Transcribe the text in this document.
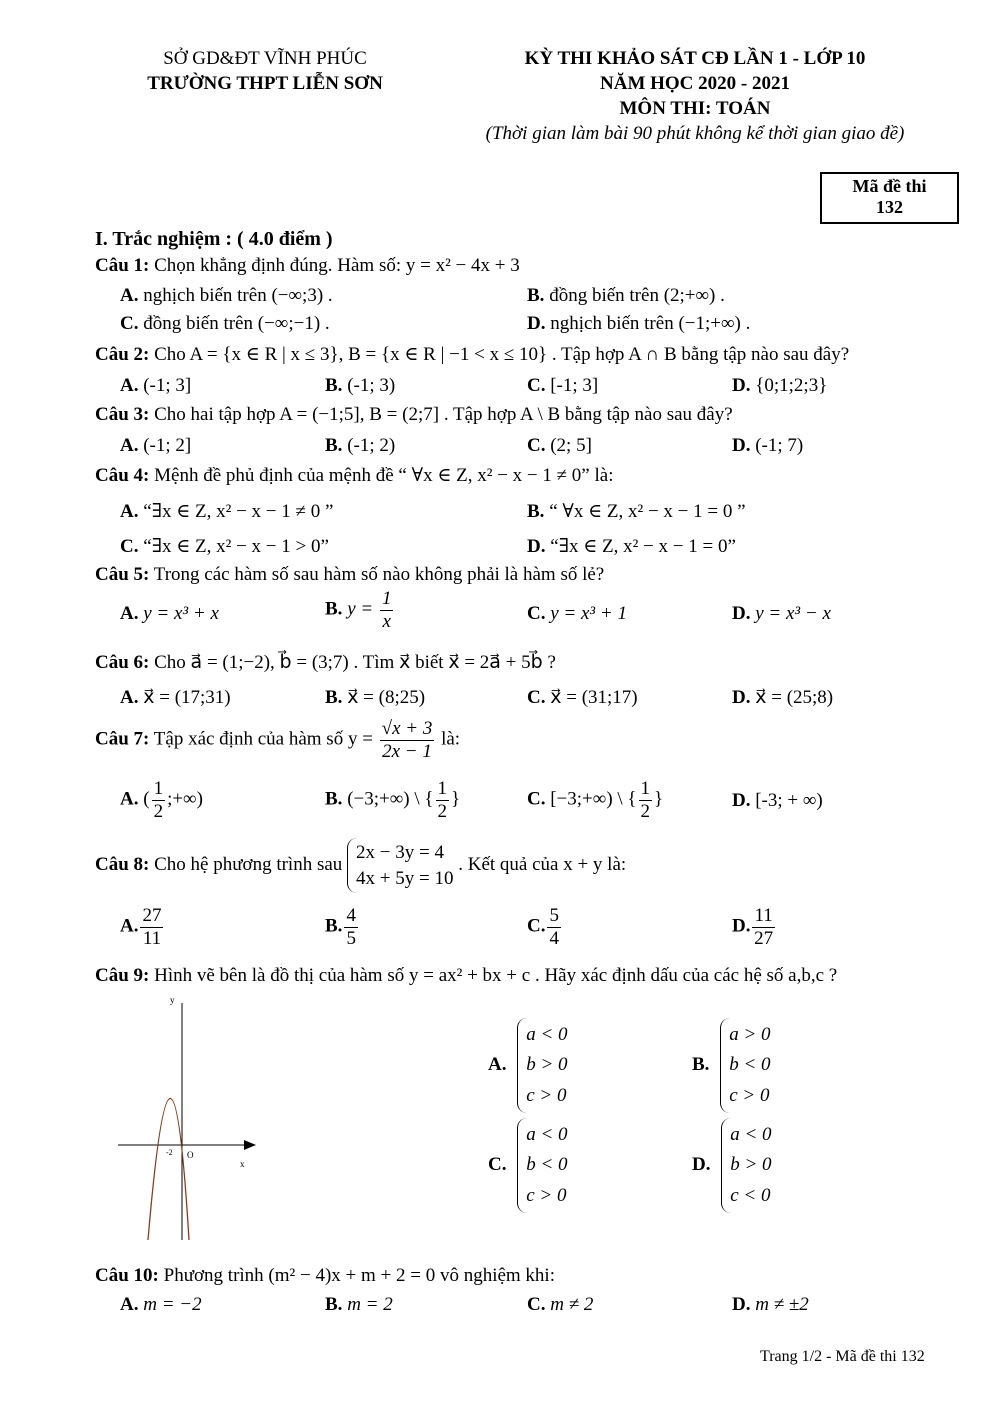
SỞ GD&ĐT VĨNH PHÚC
TRƯỜNG THPT LIỄN SƠN
KỲ THI KHẢO SÁT CĐ LẦN 1 - LỚP 10
NĂM HỌC 2020 - 2021
MÔN THI: TOÁN
(Thời gian làm bài 90 phút không kể thời gian giao đề)
Mã đề thi
132
I. Trắc nghiệm : ( 4.0 điểm )
Câu 1: Chọn khẳng định đúng. Hàm số: y = x² − 4x + 3
A. nghịch biến trên (−∞;3) .	B. đồng biến trên (2;+∞) .
C. đồng biến trên (−∞;−1) .	D. nghịch biến trên (−1;+∞) .
Câu 2: Cho A = {x ∈ R | x ≤ 3}, B = {x ∈ R | −1 < x ≤ 10} . Tập hợp A ∩ B bằng tập nào sau đây?
A. (-1; 3]	B. (-1; 3)	C. [-1; 3]	D. {0;1;2;3}
Câu 3: Cho hai tập hợp A = (−1;5], B = (2;7] . Tập hợp A \ B bằng tập nào sau đây?
A. (-1; 2]	B. (-1; 2)	C. (2; 5]	D. (-1; 7)
Câu 4: Mệnh đề phủ định của mệnh đề “ ∀x ∈ Z, x² − x − 1 ≠ 0” là:
A. “∃x ∈ Z, x² − x − 1 ≠ 0 ”	B. “ ∀x ∈ Z, x² − x − 1 = 0 ”
C. “∃x ∈ Z, x² − x − 1 > 0”	D. “∃x ∈ Z, x² − x − 1 = 0”
Câu 5: Trong các hàm số sau hàm số nào không phải là hàm số lẻ?
A. y = x³ + x	B. $y = \frac{1}{x}$	C. y = x³ + 1	D. y = x³ − x
Câu 6: Cho a⃗ = (1;−2), b⃗ = (3;7) . Tìm x⃗ biết x⃗ = 2a⃗ + 5b⃗ ?
A. x⃗ = (17;31)	B. x⃗ = (8;25)	C. x⃗ = (31;17)	D. x⃗ = (25;8)
Câu 7: Tập xác định của hàm số $y = \frac{√x + 3}{2x - 1}$ là:
A. ( $\frac{1}{2}$ ;+∞)	B. (−3;+∞) \ { $\frac{1}{2}$ }	C. [−3;+∞) \ { $\frac{1}{2}$ }	D. [-3; + ∞)
Câu 8: Cho hệ phương trình sau
2x − 3y = 4
4x + 5y = 10
. Kết quả của x + y là:
A. $\frac{27}{11}$	B. $\frac{4}{5}$	C. $\frac{5}{4}$	D. $\frac{11}{27}$
Câu 9: Hình vẽ bên là đồ thị của hàm số y = ax² + bx + c . Hãy xác định dấu của các hệ số a,b,c ?
y
x
-2 O
A.
a < 0
b > 0
c > 0
B.
a > 0
b < 0
c > 0
C.
a < 0
b < 0
c > 0
D.
a < 0
b > 0
c < 0
Câu 10: Phương trình (m² − 4)x + m + 2 = 0 vô nghiệm khi:
A. m = −2	B. m = 2	C. m ≠ 2	D. m ≠ ±2
Trang 1/2 - Mã đề thi 132
